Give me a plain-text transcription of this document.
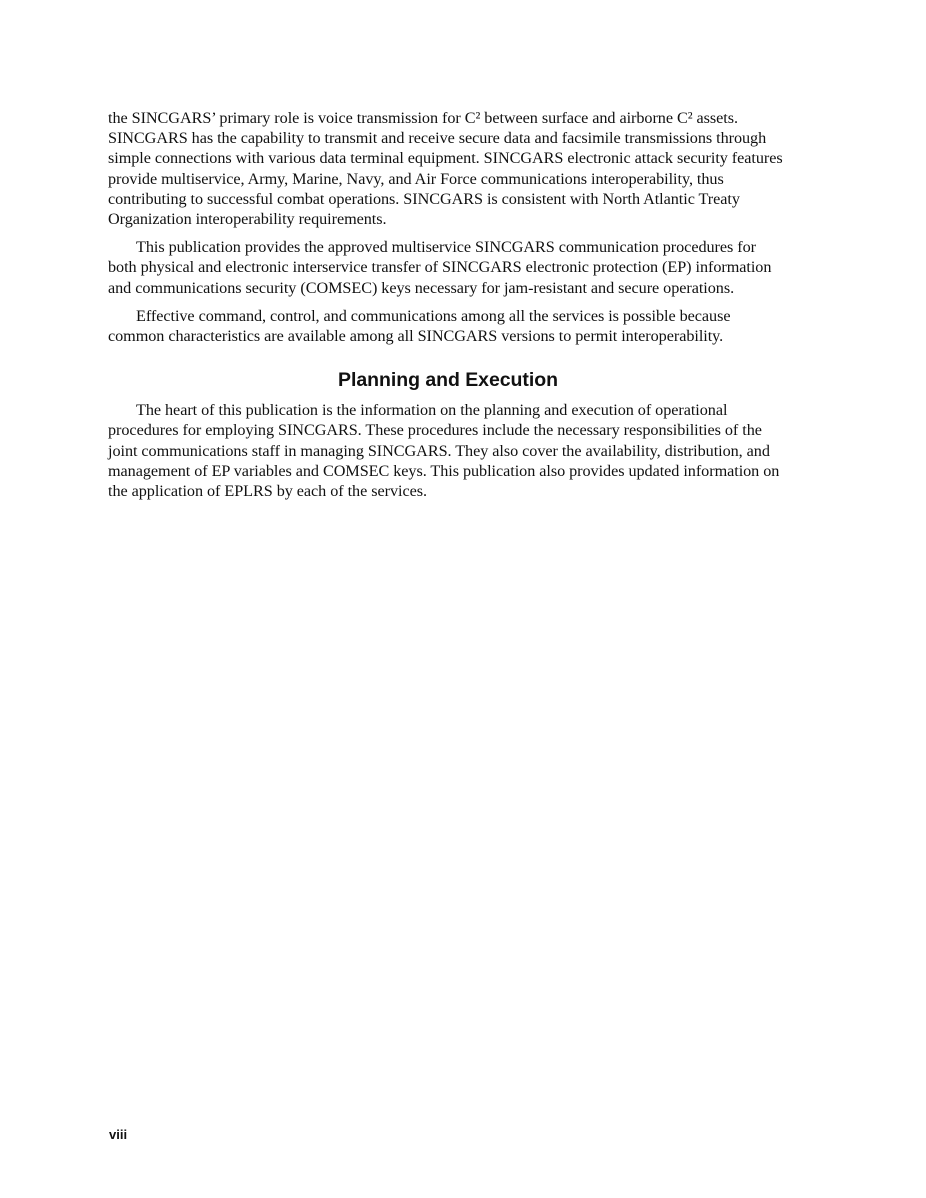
the SINCGARS’ primary role is voice transmission for C² between surface and airborne C² assets. SINCGARS has the capability to transmit and receive secure data and facsimile transmissions through simple connections with various data terminal equipment. SINCGARS electronic attack security features provide multiservice, Army, Marine, Navy, and Air Force communications interoperability, thus contributing to successful combat operations. SINCGARS is consistent with North Atlantic Treaty Organization interoperability requirements.

This publication provides the approved multiservice SINCGARS communication procedures for both physical and electronic interservice transfer of SINCGARS electronic protection (EP) information and communications security (COMSEC) keys necessary for jam-resistant and secure operations.

Effective command, control, and communications among all the services is possible because common characteristics are available among all SINCGARS versions to permit interoperability.

Planning and Execution

The heart of this publication is the information on the planning and execution of operational procedures for employing SINCGARS. These procedures include the necessary responsibilities of the joint communications staff in managing SINCGARS. They also cover the availability, distribution, and management of EP variables and COMSEC keys. This publication also provides updated information on the application of EPLRS by each of the services.

viii
